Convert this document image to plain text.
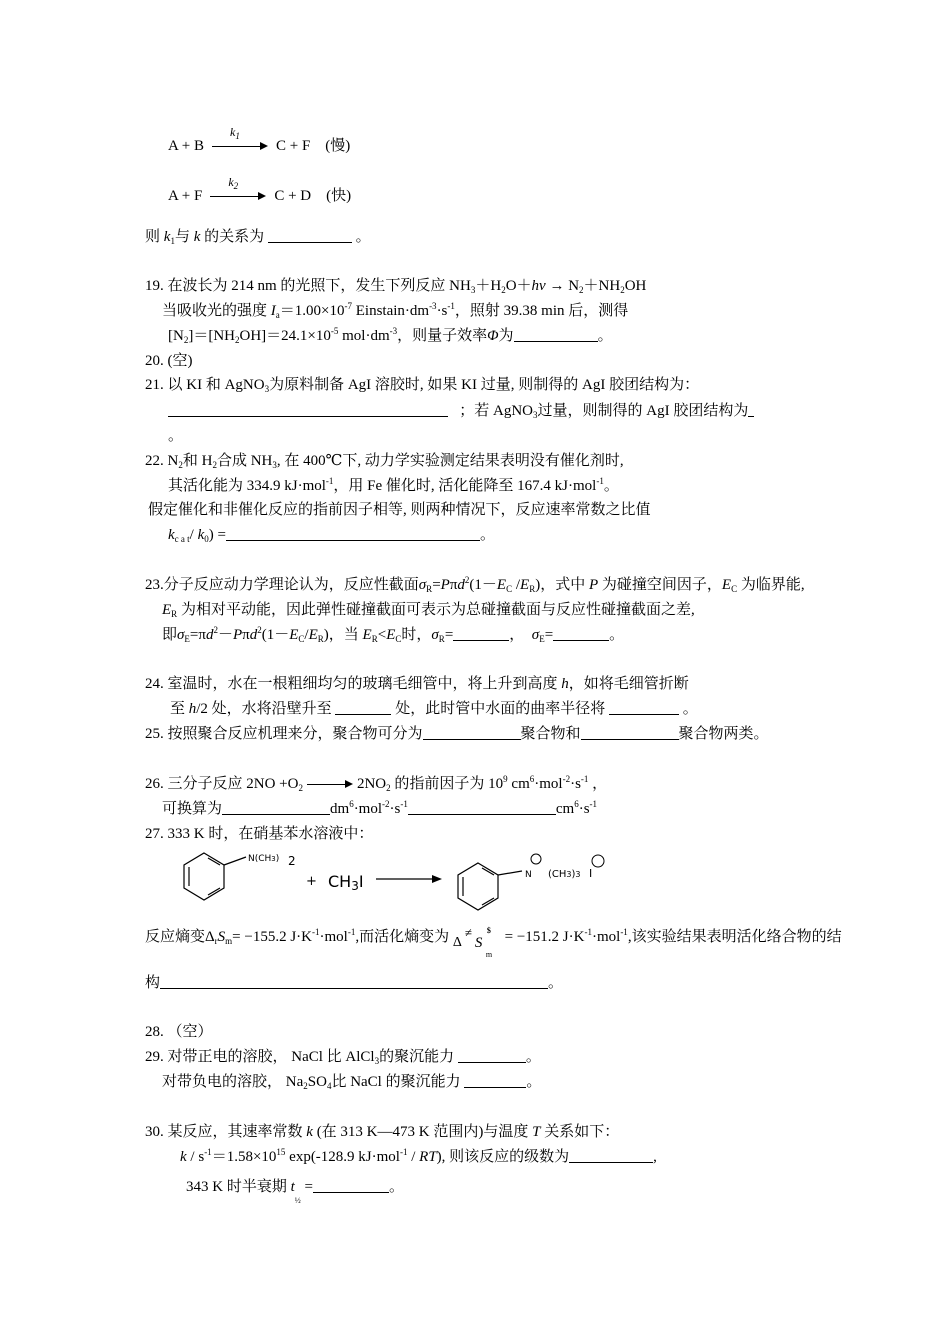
A + B
$k_1$
C + F (慢)
A + F
$k_2$
C + D (快)
则 $k_1$与 k 的关系为	。
19. 在波长为 214 nm 的光照下，发生下列反应 $NH_3+H_2O+h\nu \to N_2+NH_2OH$
当吸收光的强度 $I_a=1.00\times 10^{-7}$ $Einstain\cdot dm^{-3}\cdot s^{-1}$，照射 39.38 min 后，测得
$[N_2]=[NH_2OH]=24.1\times 10^{-5}$ $mol\cdot dm^{-3}$，则量子效率Φ为	。
20. (空)
21. 以 KI 和 AgNO$_3$为原料制备 AgI 溶胶时, 如果 KI 过量, 则制得的 AgI 胶团结构为：
；若 AgNO$_3$过量，则制得的 AgI 胶团结构为
。
22. $N_2$和 $H_2$合成 $NH_3$, 在 400℃下, 动力学实验测定结果表明没有催化剂时,
其活化能为 334.9 kJ·mol$^{-1}$，用 Fe 催化时, 活化能降至 167.4 kJ·mol$^{-1}$。
假定催化和非催化反应的指前因子相等, 则两种情况下，反应速率常数之比值
$k_{c a t}/$ $k_0$) =	。
23.分子反应动力学理论认为，反应性截面$\sigma_R=P\pi d^2(1-E_C$ $/E_R$)，式中 P 为碰撞空间因子，$E_C$ 为临界能,
$E_R$ 为相对平动能，因此弹性碰撞截面可表示为总碰撞截面与反应性碰撞截面之差,
即$\sigma_E=\pi d^2-P\pi d^2(1-E_C/E_R)$，当 $E_R<E_C$时，$\sigma_R=$	， $\sigma_E=$	。
24. 室温时，水在一根粗细均匀的玻璃毛细管中，将上升到高度 h，如将毛细管折断
至 h/2 处，水将沿壁升至	处，此时管中水面的曲率半径将	。
25. 按照聚合反应机理来分，聚合物可分为	聚合物和	聚合物两类。
26. 三分子反应 $2NO +O_2$	$2NO_2$ 的指前因子为 $10^9$ $cm^6\cdot mol^{-2}\cdot s^{-1}$ ，
可换算为	$dm^6\cdot mol^{-2}\cdot s^{-1}$	$cm^6\cdot s^{-1}$
27. 333 K 时，在硝基苯水溶液中：
N(CH3) 2
+ CH3I	N (CH3)3 I
反应熵变$\Delta_rS_m= -155.2$ $J\cdot K^{-1}\cdot mol^{-1}$,而活化熵变为 Δ
≠
S
$
m
= −151.2 $J\cdot K^{-1}\cdot mol^{-1}$,该实验结果表明活化络合物的结
构	。
28. （空）
29. 对带正电的溶胶， NaCl 比 AlCl$_3$的聚沉能力	。
对带负电的溶胶， $Na_2SO_4$比 NaCl 的聚沉能力	。
30. 某反应，其速率常数 k (在 313 K—473 K 范围内)与温度 T 关系如下：
$k / s^{-1}=1.58\times 10^{15}$ exp(-128.9 kJ·mol$^{-1}$ / RT), 则该反应的级数为	,
343 K 时半衰期 $t_{\frac{1}{2}}$ =	。
